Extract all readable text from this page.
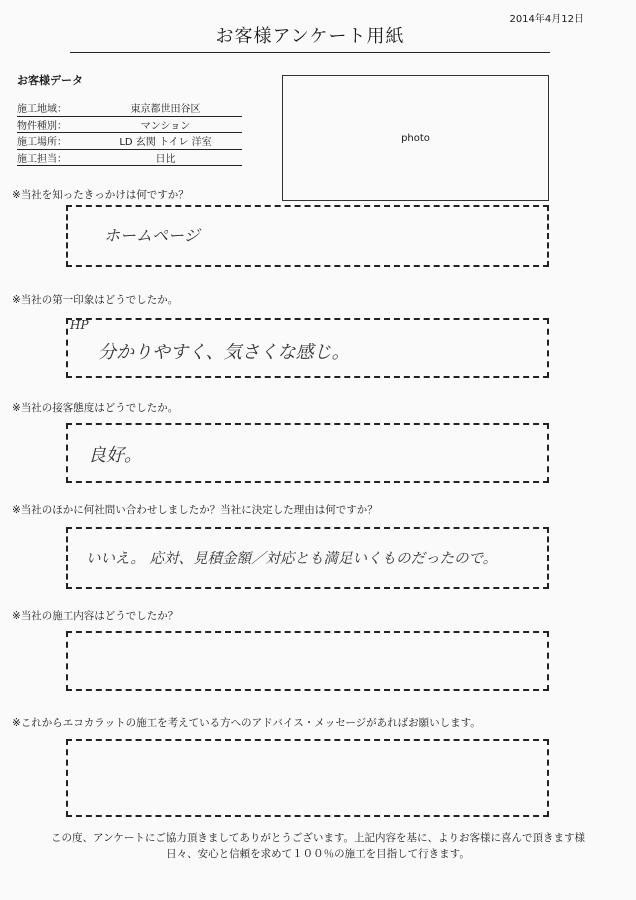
2014年4月12日
お客様アンケート用紙
お客様データ
施工地域：	東京都世田谷区
物件種別：	マンション
施工場所：	LD 玄関 トイレ 洋室
施工担当：	日比
photo
※当社を知ったきっかけは何ですか？
ホームページ
※当社の第一印象はどうでしたか。
HP
分かりやすく、気さくな感じ。
※当社の接客態度はどうでしたか。
良好。
※当社のほかに何社問い合わせしましたか？当社に決定した理由は何ですか？
いいえ。 応対、見積金額／対応とも満足いくものだったので。
※当社の施工内容はどうでしたか？
※これからエコカラットの施工を考えている方へのアドバイス・メッセージがあればお願いします。
この度、アンケートにご協力頂きましてありがとうございます。上記内容を基に、よりお客様に喜んで頂きます様
日々、安心と信頼を求めて１００％の施工を目指して行きます。
